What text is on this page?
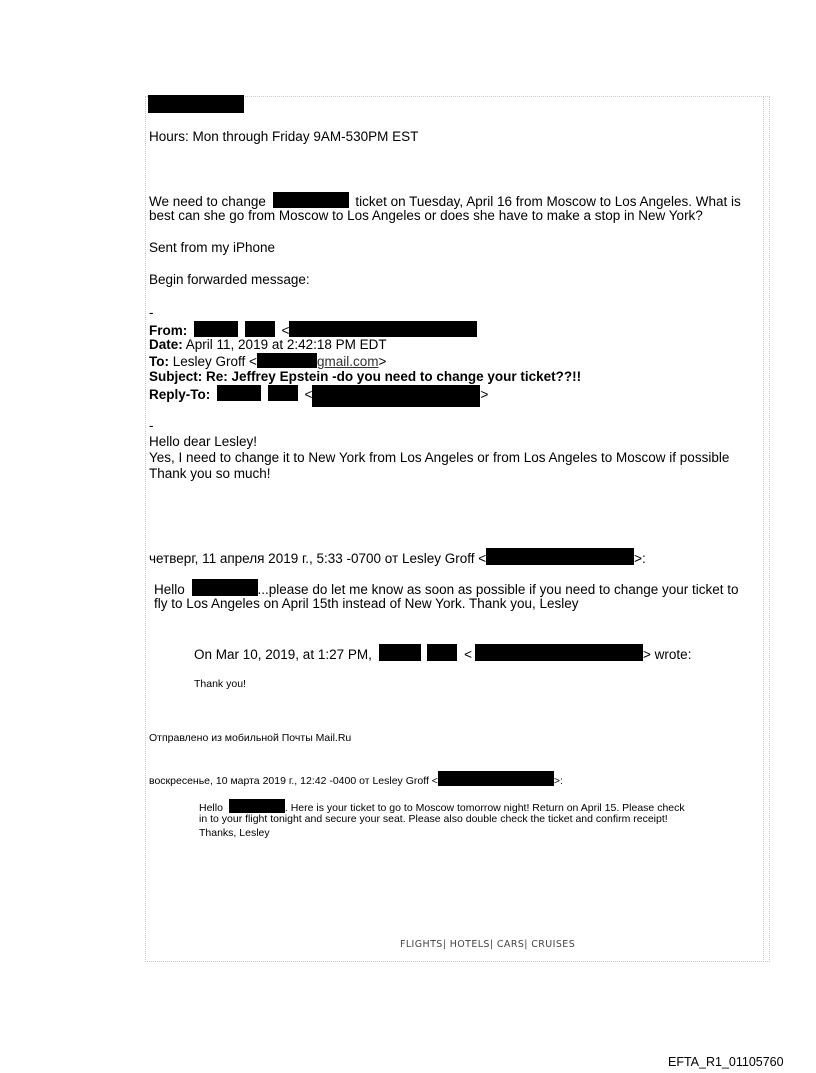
Hours: Mon through Friday 9AM-530PM EST
We need to change	ticket on Tuesday, April 16 from Moscow to Los Angeles. What is
best can she go from Moscow to Los Angeles or does she have to make a stop in New York?
Sent from my iPhone
Begin forwarded message:
-
From:	<
Date: April 11, 2019 at 2:42:18 PM EDT
To: Lesley Groff <	gmail.com>
Subject: Re: Jeffrey Epstein -do you need to change your ticket??!!
Reply-To:	<	>
-
Hello dear Lesley!
Yes, I need to change it to New York from Los Angeles or from Los Angeles to Moscow if possible
Thank you so much!
четверг, 11 апреля 2019 г., 5:33 -0700 от Lesley Groff <	>:
Hello	...please do let me know as soon as possible if you need to change your ticket to
fly to Los Angeles on April 15th instead of New York. Thank you, Lesley
On Mar 10, 2019, at 1:27 PM,	<	> wrote:
Thank you!
Отправлено из мобильной Почты Mail.Ru
воскресенье, 10 марта 2019 г., 12:42 -0400 от Lesley Groff <	>:
Hello	. Here is your ticket to go to Moscow tomorrow night! Return on April 15. Please check
in to your flight tonight and secure your seat. Please also double check the ticket and confirm receipt!
Thanks, Lesley
FLIGHTS| HOTELS| CARS| CRUISES
EFTA_R1_01105760
